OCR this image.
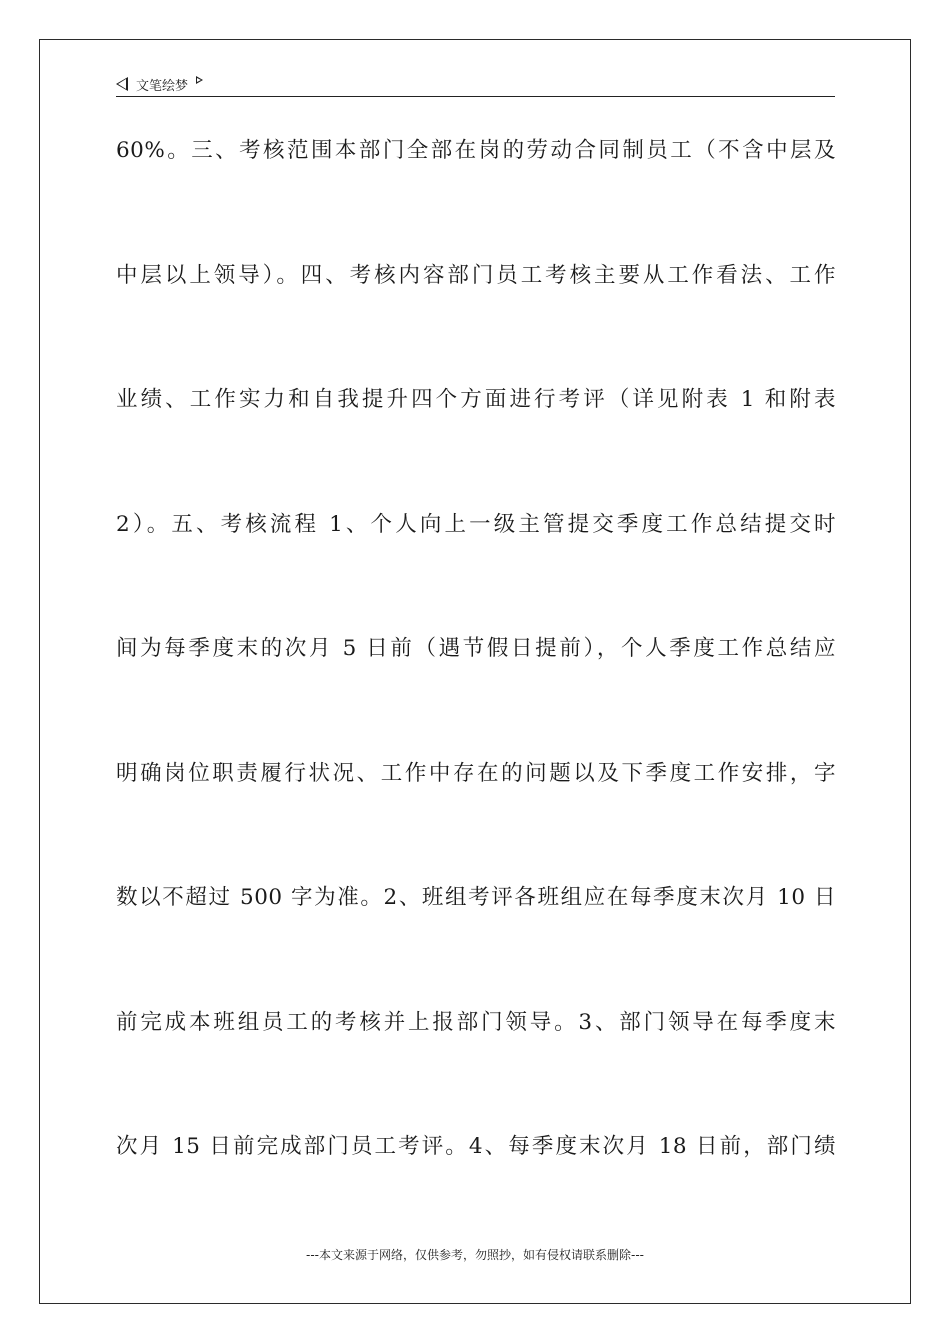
文笔绘梦
60%。三、考核范围本部门全部在岗的劳动合同制员工（不含中层及
中层以上领导）。四、考核内容部门员工考核主要从工作看法、工作
业绩、工作实力和自我提升四个方面进行考评（详见附表 1 和附表
2）。五、考核流程 1、个人向上一级主管提交季度工作总结提交时
间为每季度末的次月 5 日前（遇节假日提前），个人季度工作总结应
明确岗位职责履行状况、工作中存在的问题以及下季度工作安排，字
数以不超过 500 字为准。2、班组考评各班组应在每季度末次月 10 日
前完成本班组员工的考核并上报部门领导。3、部门领导在每季度末
次月 15 日前完成部门员工考评。4、每季度末次月 18 日前，部门绩
---本文来源于网络，仅供参考，勿照抄，如有侵权请联系删除---
